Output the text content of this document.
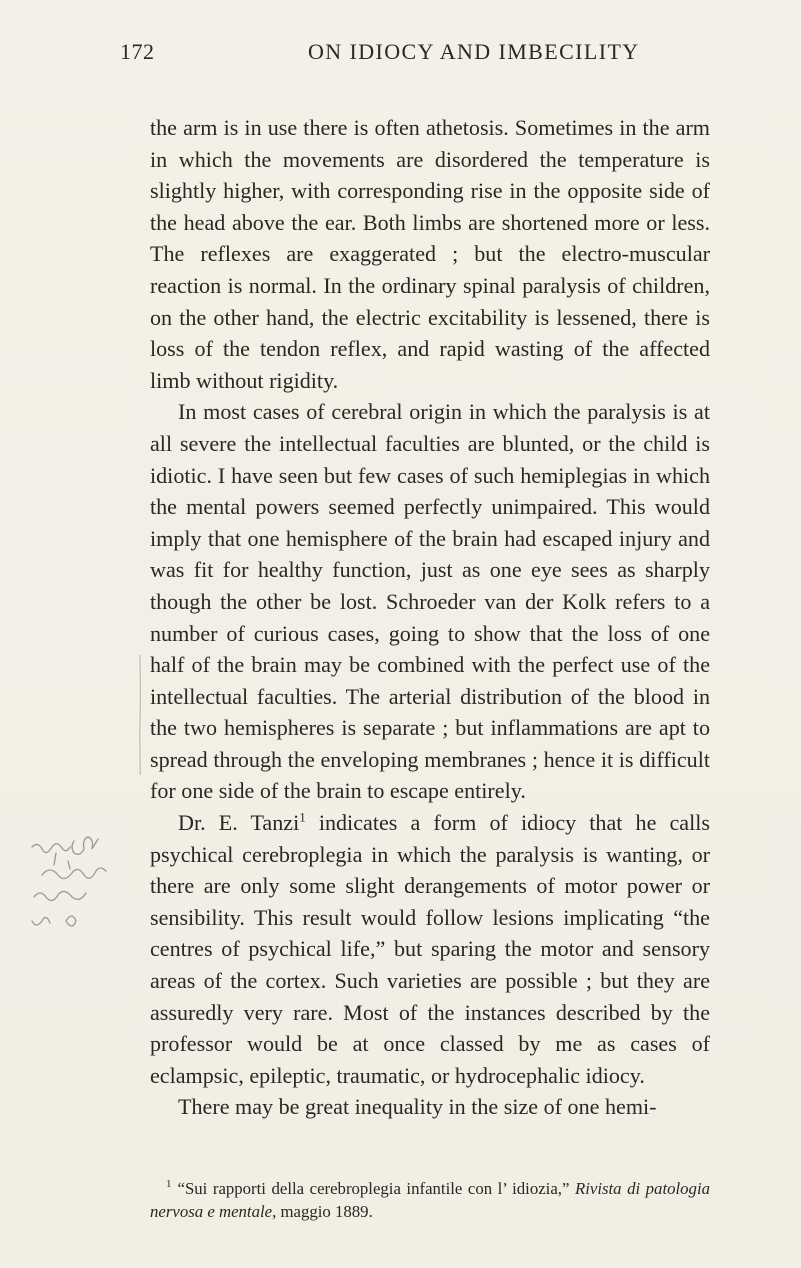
172	ON IDIOCY AND IMBECILITY

the arm is in use there is often athetosis. Sometimes in the arm in which the movements are disordered the temperature is slightly higher, with corresponding rise in the opposite side of the head above the ear. Both limbs are shortened more or less. The reflexes are exaggerated ; but the electro-muscular reaction is normal. In the ordinary spinal paralysis of children, on the other hand, the electric excitability is lessened, there is loss of the tendon reflex, and rapid wasting of the affected limb without rigidity.

In most cases of cerebral origin in which the paralysis is at all severe the intellectual faculties are blunted, or the child is idiotic. I have seen but few cases of such hemiplegias in which the mental powers seemed perfectly unimpaired. This would imply that one hemisphere of the brain had escaped injury and was fit for healthy function, just as one eye sees as sharply though the other be lost. Schroeder van der Kolk refers to a number of curious cases, going to show that the loss of one half of the brain may be combined with the perfect use of the intellectual faculties. The arterial distribution of the blood in the two hemispheres is separate ; but inflammations are apt to spread through the enveloping membranes ; hence it is difficult for one side of the brain to escape entirely.

Dr. E. Tanzi$^1$ indicates a form of idiocy that he calls psychical cerebroplegia in which the paralysis is wanting, or there are only some slight derangements of motor power or sensibility. This result would follow lesions implicating “the centres of psychical life,” but sparing the motor and sensory areas of the cortex. Such varieties are possible ; but they are assuredly very rare. Most of the instances described by the professor would be at once classed by me as cases of eclampsic, epileptic, traumatic, or hydrocephalic idiocy.

There may be great inequality in the size of one hemi-

$^1$ “Sui rapporti della cerebroplegia infantile con l’ idiozia,” Rivista di patologia nervosa e mentale, maggio 1889.
